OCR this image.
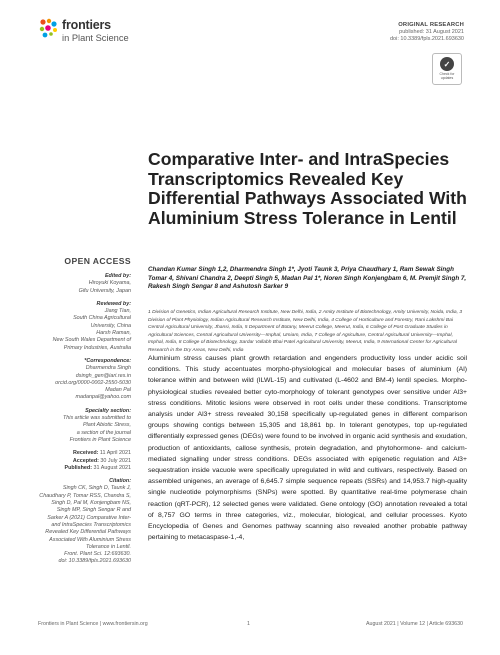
frontiers
in Plant Science
ORIGINAL RESEARCH
published: 31 August 2021
doi: 10.3389/fpls.2021.693630
✓
Check for updates
Comparative Inter- and IntraSpecies Transcriptomics Revealed Key Differential Pathways Associated With Aluminium Stress Tolerance in Lentil
OPEN ACCESS
Edited by:
Hiroyuki Koyama,
Gifu University, Japan
Reviewed by:
Jiang Tian,
South China Agricultural
University, China
Harsh Raman,
New South Wales Department of
Primary Industries, Australia
*Correspondence:
Dharmendra Singh
dsingh_gen@iari.res.in
orcid.org/0000-0002-2550-5030
Madan Pal
madanpal@yahoo.com
Specialty section:
This article was submitted to
Plant Abiotic Stress,
a section of the journal
Frontiers in Plant Science
Received: 11 April 2021
Accepted: 30 July 2021
Published: 31 August 2021
Citation:
Singh CK, Singh D, Taunk J,
Chaudhary P, Tomar RSS, Chandra S,
Singh D, Pal M, Konjengbam NS,
Singh MP, Singh Sengar R and
Sarker A (2021) Comparative Inter-
and IntraSpecies Transcriptomics
Revealed Key Differential Pathways
Associated With Aluminium Stress
Tolerance in Lentil.
Front. Plant Sci. 12:693630.
doi: 10.3389/fpls.2021.693630
Chandan Kumar Singh 1,2, Dharmendra Singh 1*, Jyoti Taunk 3, Priya Chaudhary 1, Ram Sewak Singh Tomar 4, Shivani Chandra 2, Deepti Singh 5, Madan Pal 1*, Noren Singh Konjengbam 6, M. Premjit Singh 7, Rakesh Singh Sengar 8 and Ashutosh Sarker 9
1 Division of Genetics, Indian Agricultural Research Institute, New Delhi, India, 2 Amity Institute of Biotechnology, Amity University, Noida, India, 3 Division of Plant Physiology, Indian Agricultural Research Institute, New Delhi, India, 4 College of Horticulture and Forestry, Rani Lakshmi Bai Central Agricultural University, Jhansi, India, 5 Department of Botany, Meerut College, Meerut, India, 6 College of Post Graduate Studies in Agricultural Sciences, Central Agricultural University—Imphal, Umiam, India, 7 College of Agriculture, Central Agricultural University—Imphal, Imphal, India, 8 College of Biotechnology, Sardar Vallabh Bhai Patel Agricultural University, Meerut, India, 9 International Center for Agricultural Research in the Dry Areas, New Delhi, India
Aluminium stress causes plant growth retardation and engenders productivity loss under acidic soil conditions. This study accentuates morpho-physiological and molecular bases of aluminium (Al) tolerance within and between wild (ILWL-15) and cultivated (L-4602 and BM-4) lentil species. Morpho-physiological studies revealed better cyto-morphology of tolerant genotypes over sensitive under Al3+ stress conditions. Mitotic lesions were observed in root cells under these conditions. Transcriptome analysis under Al3+ stress revealed 30,158 specifically up-regulated genes in different comparison groups showing contigs between 15,305 and 18,861 bp. In tolerant genotypes, top up-regulated differentially expressed genes (DEGs) were found to be involved in organic acid synthesis and exudation, production of antioxidants, callose synthesis, protein degradation, and phytohormone- and calcium-mediated signalling under stress conditions. DEGs associated with epigenetic regulation and Al3+ sequestration inside vacuole were specifically upregulated in wild and cultivars, respectively. Based on assembled unigenes, an average of 6,645.7 simple sequence repeats (SSRs) and 14,953.7 high-quality single nucleotide polymorphisms (SNPs) were spotted. By quantitative real-time polymerase chain reaction (qRT-PCR), 12 selected genes were validated. Gene ontology (GO) annotation revealed a total of 8,757 GO terms in three categories, viz., molecular, biological, and cellular processes. Kyoto Encyclopedia of Genes and Genomes pathway scanning also revealed another probable pathway pertaining to metacaspase-1,-4,
Frontiers in Plant Science | www.frontiersin.org	1	August 2021 | Volume 12 | Article 693630
